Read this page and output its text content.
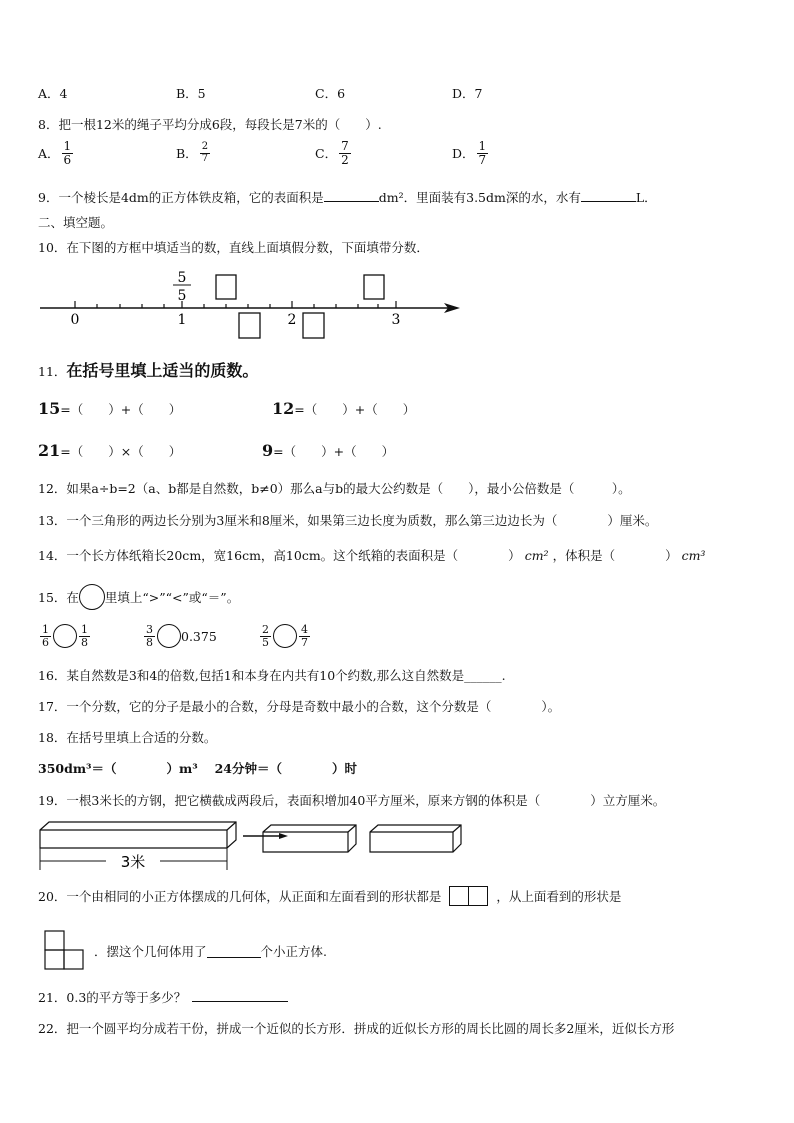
A．4	B．5	C．6	D．7
8．把一根12米的绳子平均分成6段，每段长是7米的（　　）.
A． $\frac{1}{6}$	B． $\frac{2}{7}$	C． $\frac{7}{2}$	D． $\frac{1}{7}$
9．一个棱长是4dm的正方体铁皮箱，它的表面积是	dm²．里面装有3.5dm深的水，水有	L．
二、填空题。
10．在下图的方框中填适当的数，直线上面填假分数，下面填带分数．
0	1	2	3
5
5
11．在括号里填上适当的质数。
15=（　　）+（　　）	12=（　　）+（　　）
21=（　　）×（　　）	9=（　　）+（　　）
12．如果a÷b=2（a、b都是自然数，b≠0）那么a与b的最大公约数是（　　），最小公倍数是（　　　）。
13．一个三角形的两边长分别为3厘米和8厘米，如果第三边长度为质数，那么第三边边长为（　　　　）厘米。
14．一个长方体纸箱长20cm，宽16cm，高10cm。这个纸箱的表面积是（　　　　） cm² ，体积是（　　　　） cm³
15．在 里填上“>”“<”或“＝”。
$\frac{1}{6}$	$\frac{1}{8}$	$\frac{3}{8} 0.375$	$\frac{2}{5}$	$\frac{4}{7}$
16．某自然数是3和4的倍数,包括1和本身在内共有10个约数,那么这自然数是______.
17．一个分数，它的分子是最小的合数，分母是奇数中最小的合数，这个分数是（　　　　）。
18．在括号里填上合适的分数。
350dm³＝（　　　　）m³　 24分钟＝（　　　　）时
19．一根3米长的方钢，把它横截成两段后，表面积增加40平方厘米，原来方钢的体积是（　　　　）立方厘米。
3米
20．一个由相同的小正方体摆成的几何体，从正面和左面看到的形状都是	，从上面看到的形状是
．摆这个几何体用了	个小正方体.
21．0.3的平方等于多少？
22．把一个圆平均分成若干份，拼成一个近似的长方形．拼成的近似长方形的周长比圆的周长多2厘米，近似长方形
